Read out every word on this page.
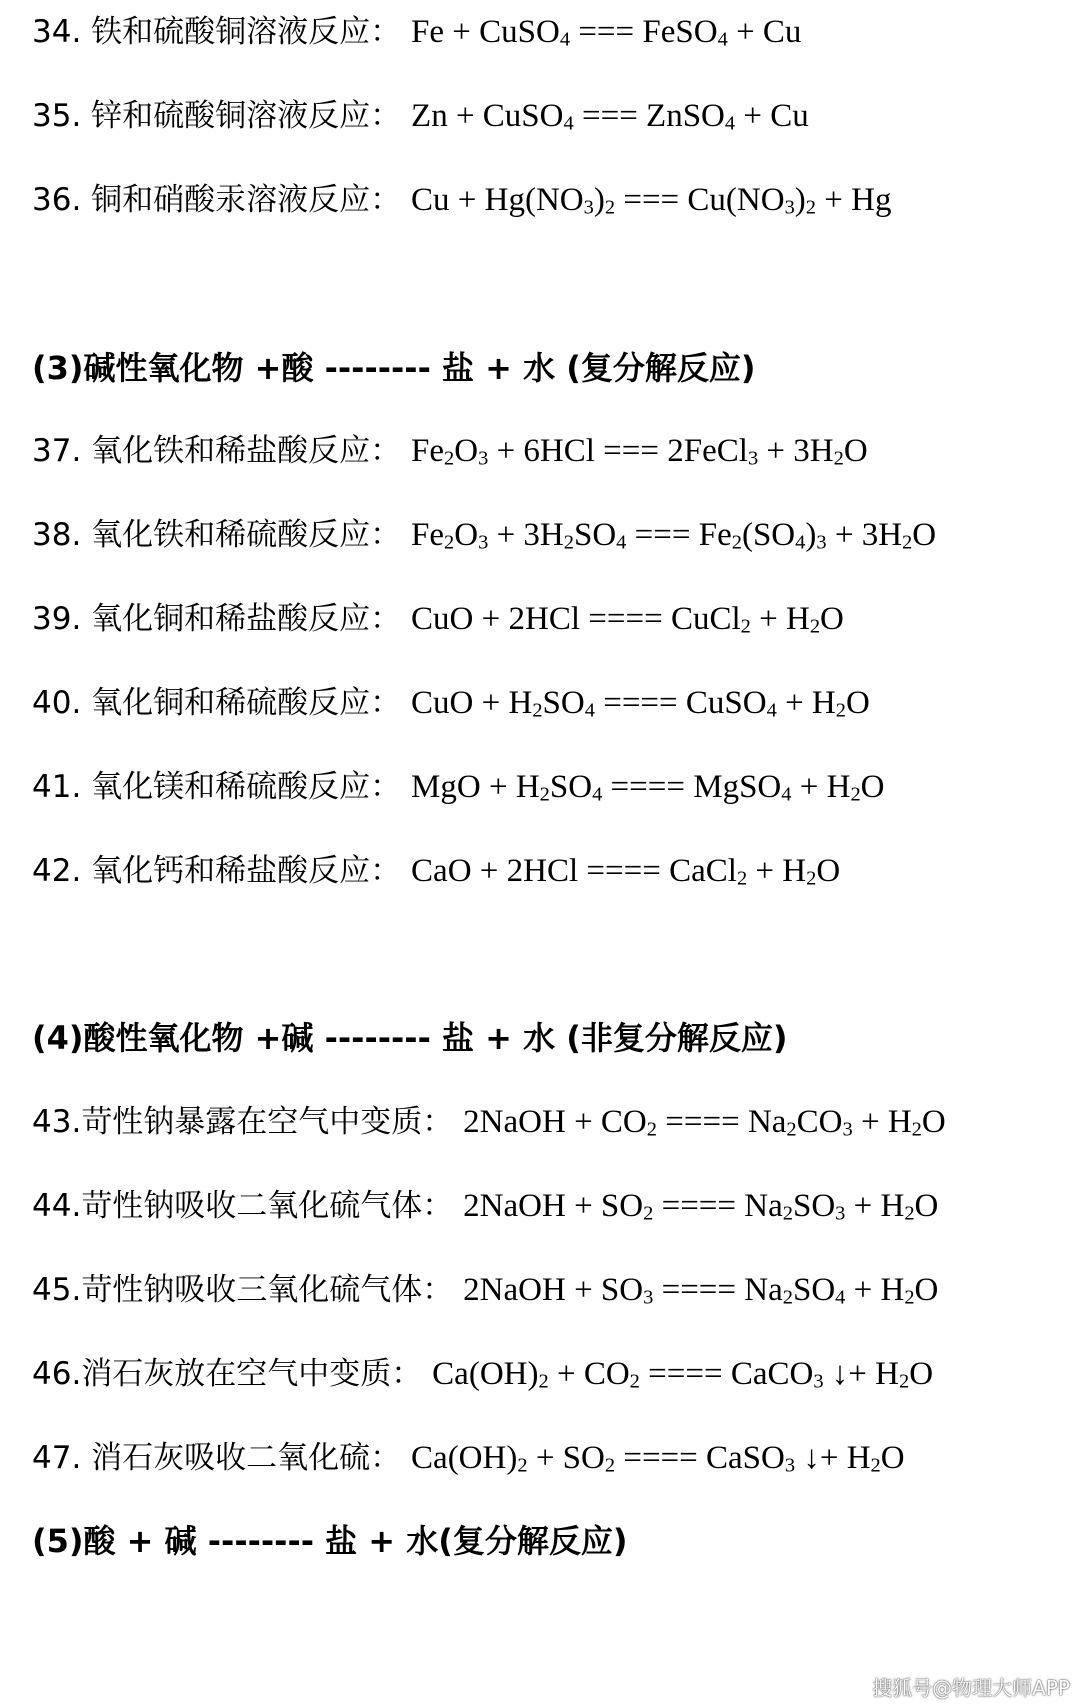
34. 铁和硫酸铜溶液反应： Fe + CuSO$_4$ === FeSO$_4$ + Cu
35. 锌和硫酸铜溶液反应： Zn + CuSO$_4$ === ZnSO$_4$ + Cu
36. 铜和硝酸汞溶液反应： $Cu + Hg(NO_3)_2$ === $Cu(NO_3)_2 + Hg$
(3)碱性氧化物 +酸 -------- 盐 + 水 (复分解反应)
37. 氧化铁和稀盐酸反应： $Fe_2O_3 + 6HCl$ === 2FeCl$_3$ + $3H_2O$
38. 氧化铁和稀硫酸反应： $Fe_2O_3 + 3H_2SO_4$ === $Fe_2(SO_4)_3 + 3H_2O$
39. 氧化铜和稀盐酸反应： CuO + 2HCl ==== CuCl$_2$ + $H_2O$
40. 氧化铜和稀硫酸反应： CuO + $H_2SO_4$ ==== CuSO$_4$ + $H_2O$
41. 氧化镁和稀硫酸反应： MgO + $H_2SO_4$ ==== MgSO$_4$ + $H_2O$
42. 氧化钙和稀盐酸反应： CaO + 2HCl ==== CaCl$_2$ + $H_2O$
(4)酸性氧化物 +碱 -------- 盐 + 水 (非复分解反应)
43.苛性钠暴露在空气中变质： 2NaOH + $CO_2$ ==== $Na_2CO_3 + H_2O$
44.苛性钠吸收二氧化硫气体： 2NaOH + $SO_2$ ==== $Na_2SO_3 + H_2O$
45.苛性钠吸收三氧化硫气体： 2NaOH + $SO_3$ ==== $Na_2SO_4 + H_2O$
46.消石灰放在空气中变质： $Ca(OH)_2 + CO_2$ ==== CaCO$_3$ ↓+ $H_2O$
47. 消石灰吸收二氧化硫： $Ca(OH)_2 + SO_2$ ==== CaSO$_3$ ↓+ $H_2O$
(5)酸 + 碱 -------- 盐 + 水(复分解反应)
搜狐号@物理大师APP
